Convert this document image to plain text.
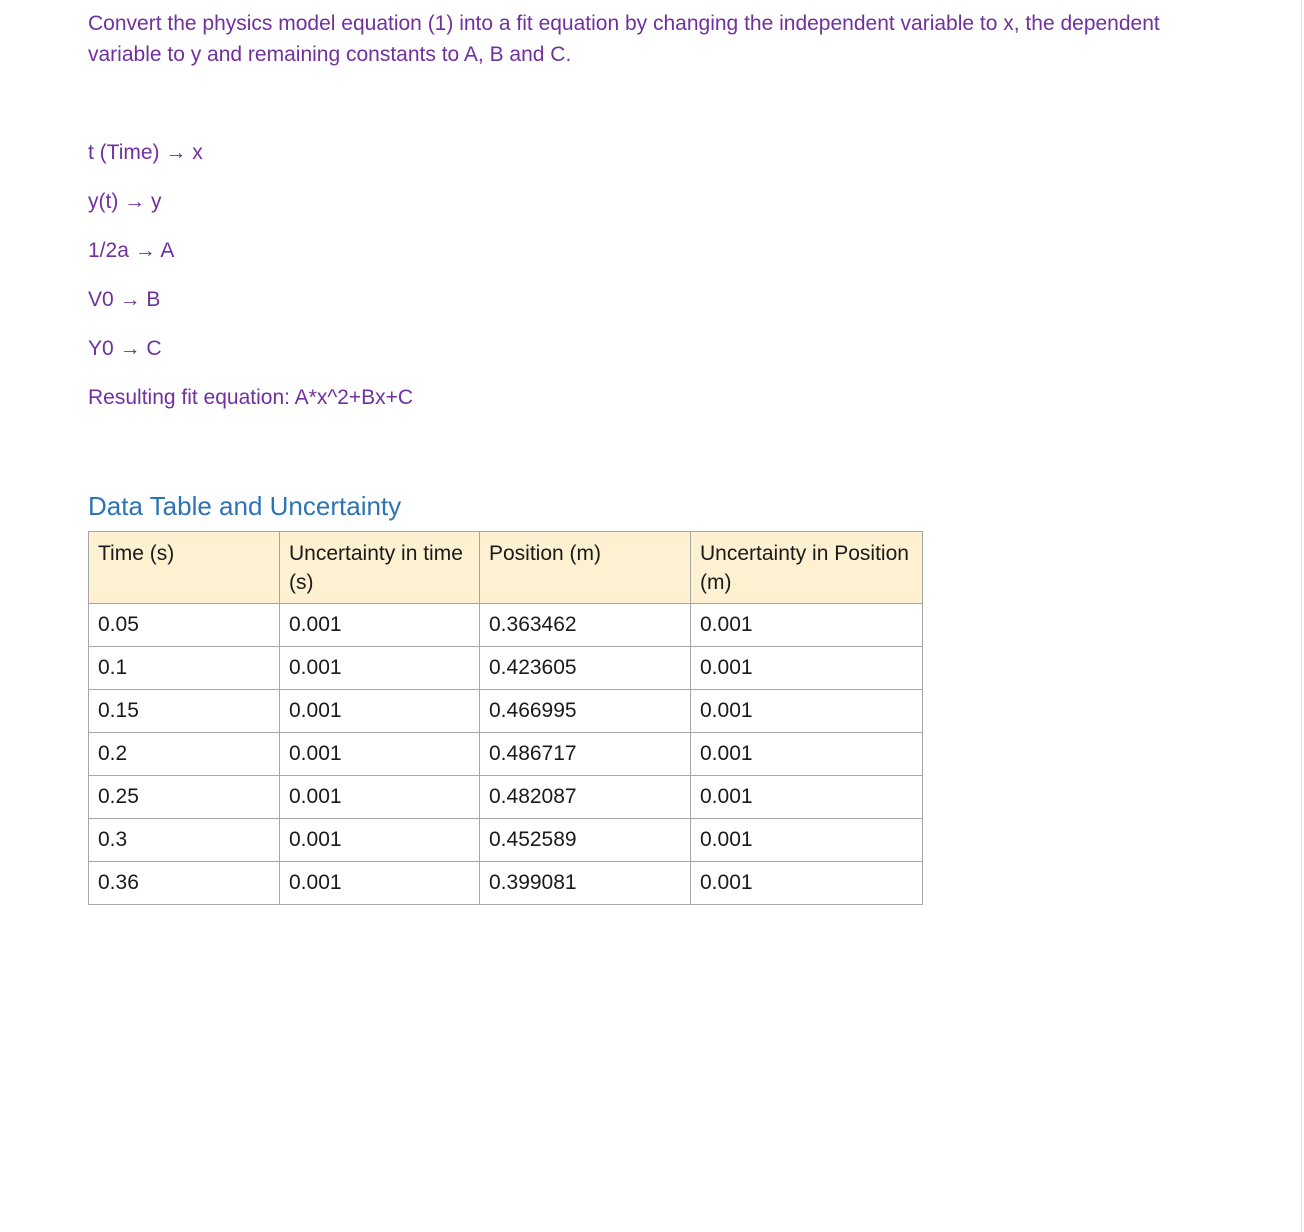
Convert the physics model equation (1) into a fit equation by changing the independent variable to x, the dependent variable to y and remaining constants to A, B and C.

t (Time) → x

y(t) → y

1/2a → A

V0 → B

Y0 → C

Resulting fit equation: A*x^2+Bx+C

Data Table and Uncertainty
Time (s)	Uncertainty in time (s)	Position (m)	Uncertainty in Position (m)
0.05	0.001	0.363462	0.001
0.1	0.001	0.423605	0.001
0.15	0.001	0.466995	0.001
0.2	0.001	0.486717	0.001
0.25	0.001	0.482087	0.001
0.3	0.001	0.452589	0.001
0.36	0.001	0.399081	0.001
